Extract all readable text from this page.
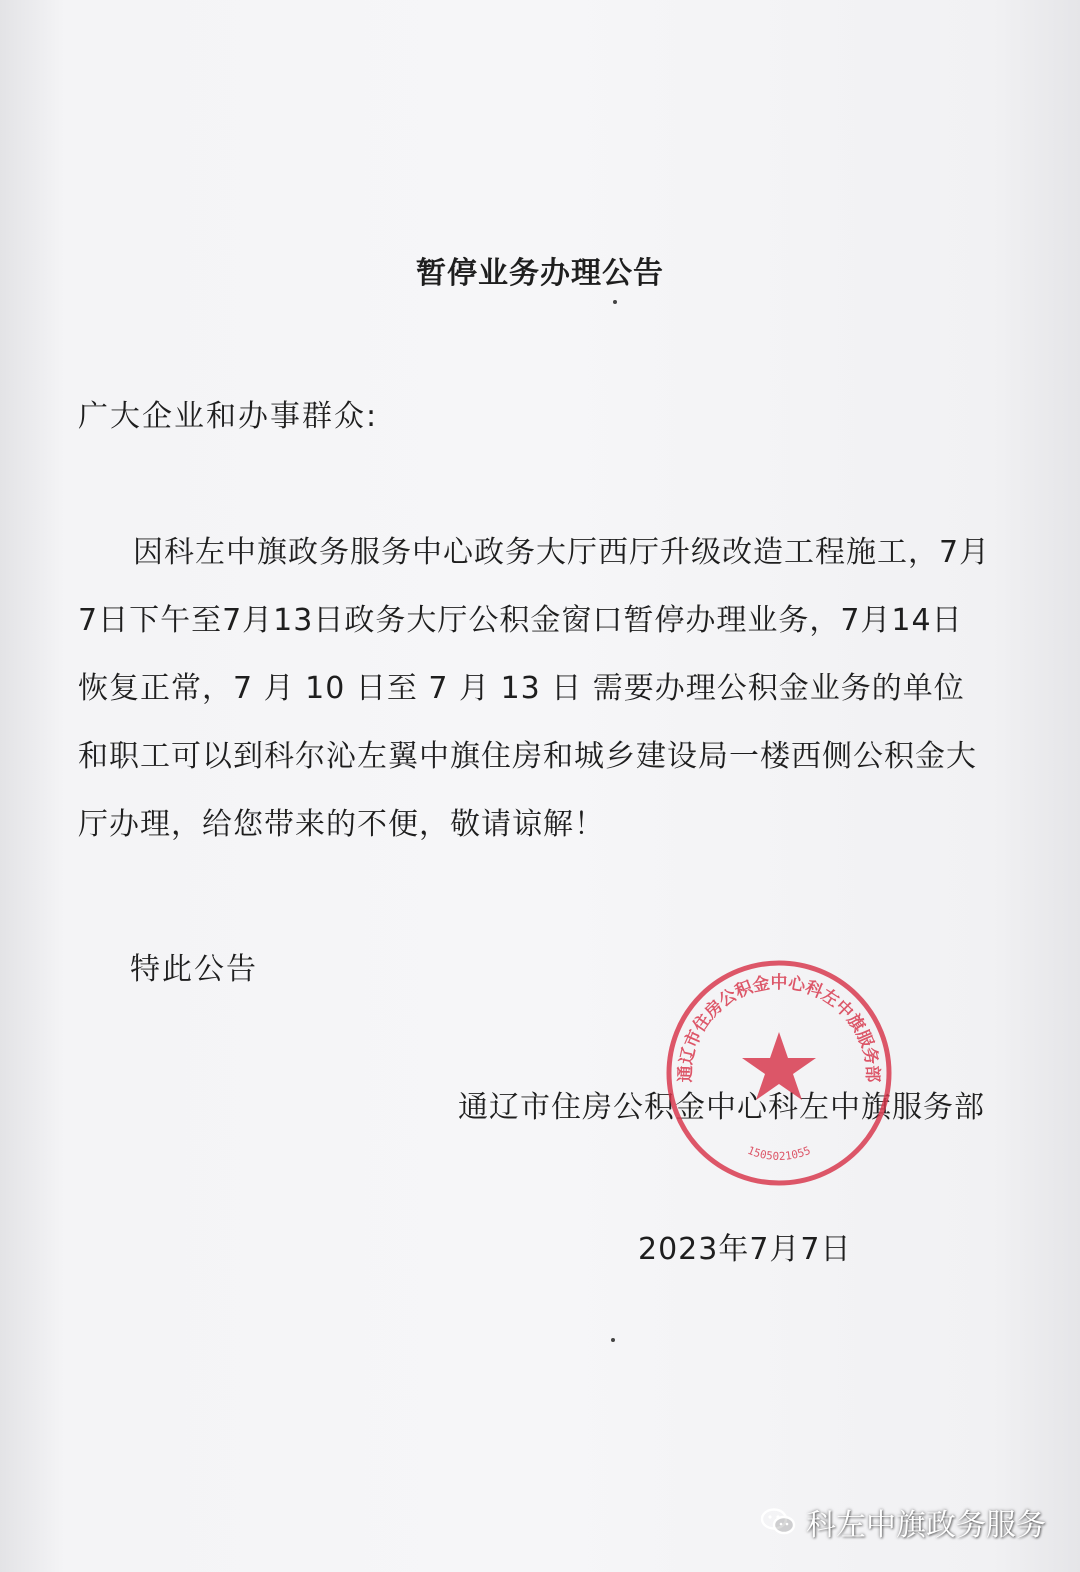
暂停业务办理公告
广大企业和办事群众:
因科左中旗政务服务中心政务大厅西厅升级改造工程施工，7月
7日下午至7月13日政务大厅公积金窗口暂停办理业务，7月14日
恢复正常，7 月 10 日至 7 月 13 日 需要办理公积金业务的单位
和职工可以到科尔沁左翼中旗住房和城乡建设局一楼西侧公积金大
厅办理，给您带来的不便，敬请谅解！
特此公告
通辽市住房公积金中心科左中旗服务部
通辽市住房公积金中心科左中旗服务部
1505021055
2023年7月7日
科左中旗政务服务
